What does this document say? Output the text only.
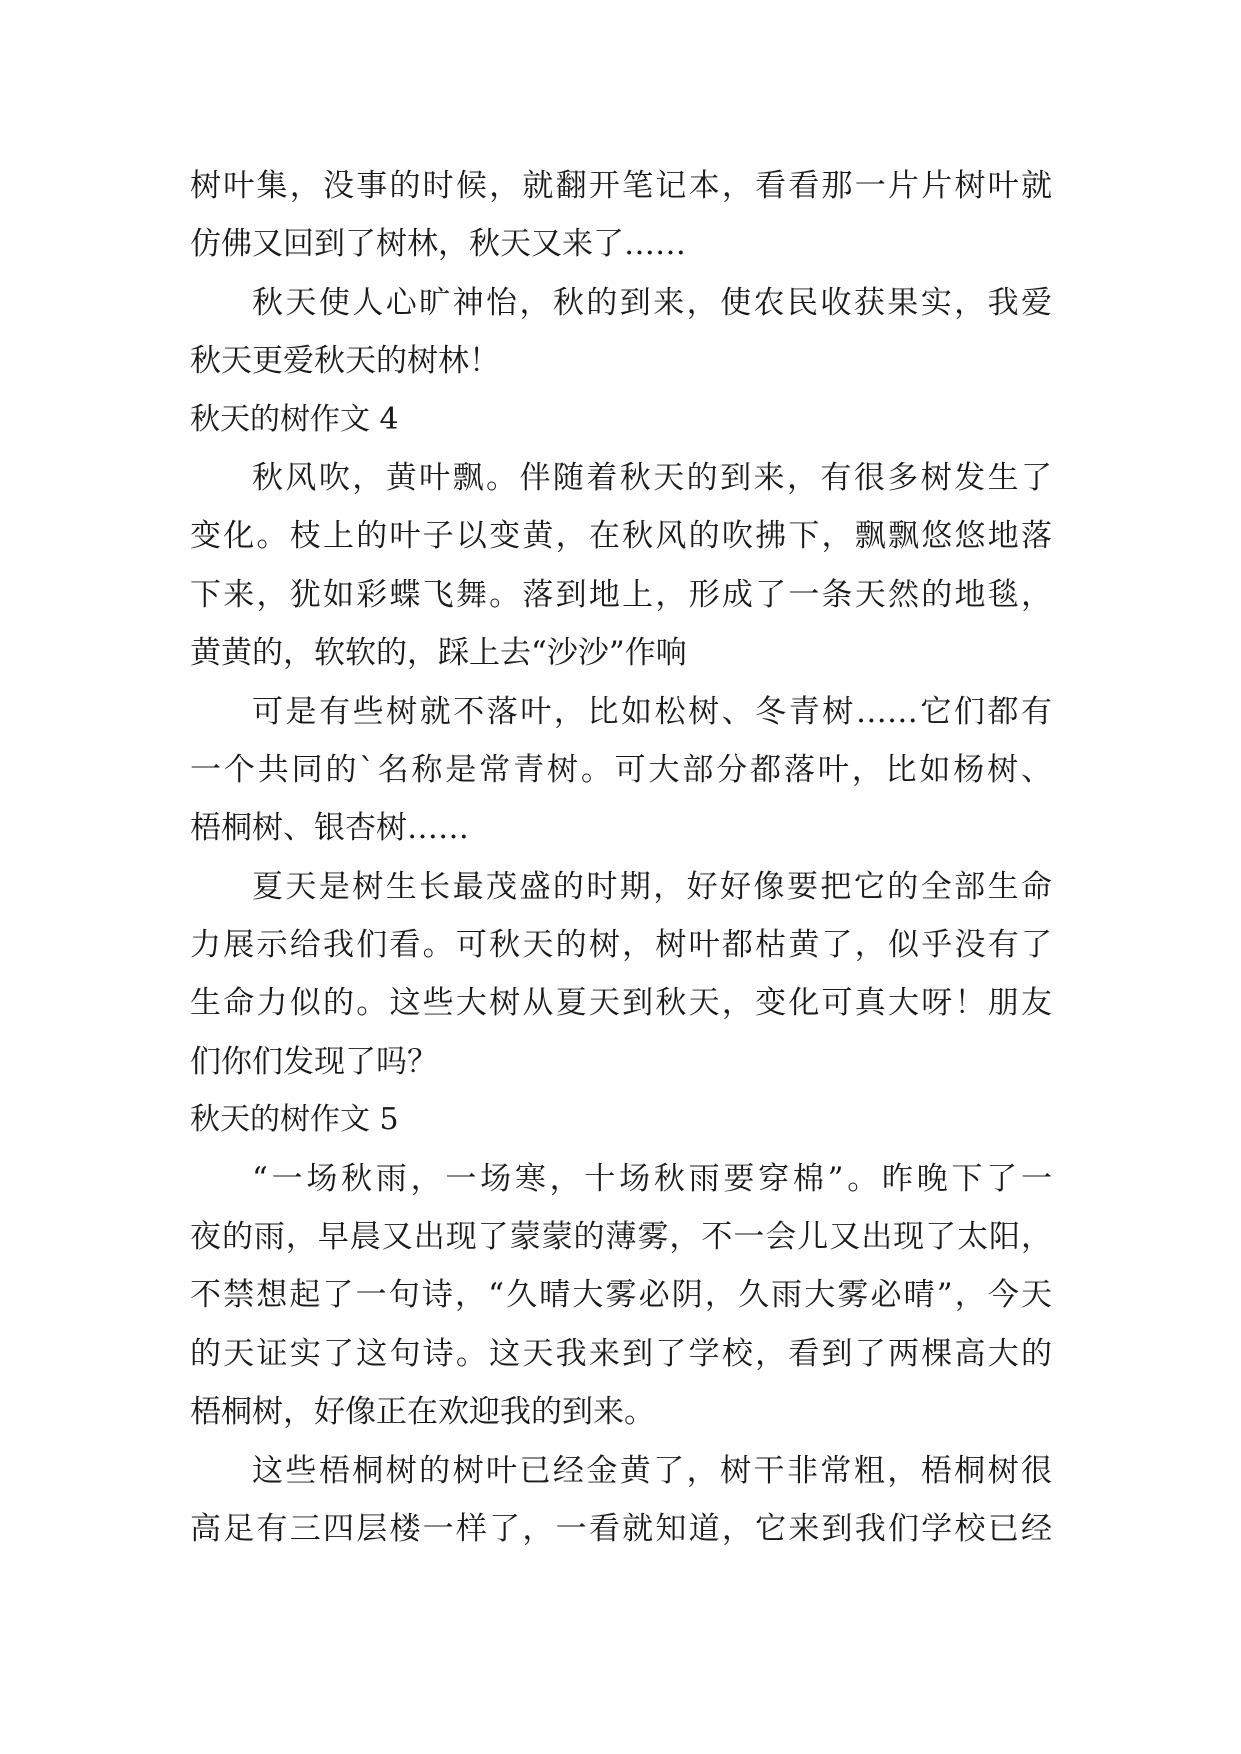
树叶集，没事的时候，就翻开笔记本，看看那一片片树叶就
仿佛又回到了树林，秋天又来了……
秋天使人心旷神怡，秋的到来，使农民收获果实，我爱
秋天更爱秋天的树林！
秋天的树作文 4
秋风吹，黄叶飘。伴随着秋天的到来，有很多树发生了
变化。枝上的叶子以变黄，在秋风的吹拂下，飘飘悠悠地落
下来，犹如彩蝶飞舞。落到地上，形成了一条天然的地毯，
黄黄的，软软的，踩上去“沙沙”作响
可是有些树就不落叶，比如松树、冬青树……它们都有
一个共同的`名称是常青树。可大部分都落叶，比如杨树、
梧桐树、银杏树……
夏天是树生长最茂盛的时期，好好像要把它的全部生命
力展示给我们看。可秋天的树，树叶都枯黄了，似乎没有了
生命力似的。这些大树从夏天到秋天，变化可真大呀！朋友
们你们发现了吗？
秋天的树作文 5
“一场秋雨，一场寒，十场秋雨要穿棉”。昨晚下了一
夜的雨，早晨又出现了蒙蒙的薄雾，不一会儿又出现了太阳，
不禁想起了一句诗，“久晴大雾必阴，久雨大雾必晴”，今天
的天证实了这句诗。这天我来到了学校，看到了两棵高大的
梧桐树，好像正在欢迎我的到来。
这些梧桐树的树叶已经金黄了，树干非常粗，梧桐树很
高足有三四层楼一样了，一看就知道，它来到我们学校已经
